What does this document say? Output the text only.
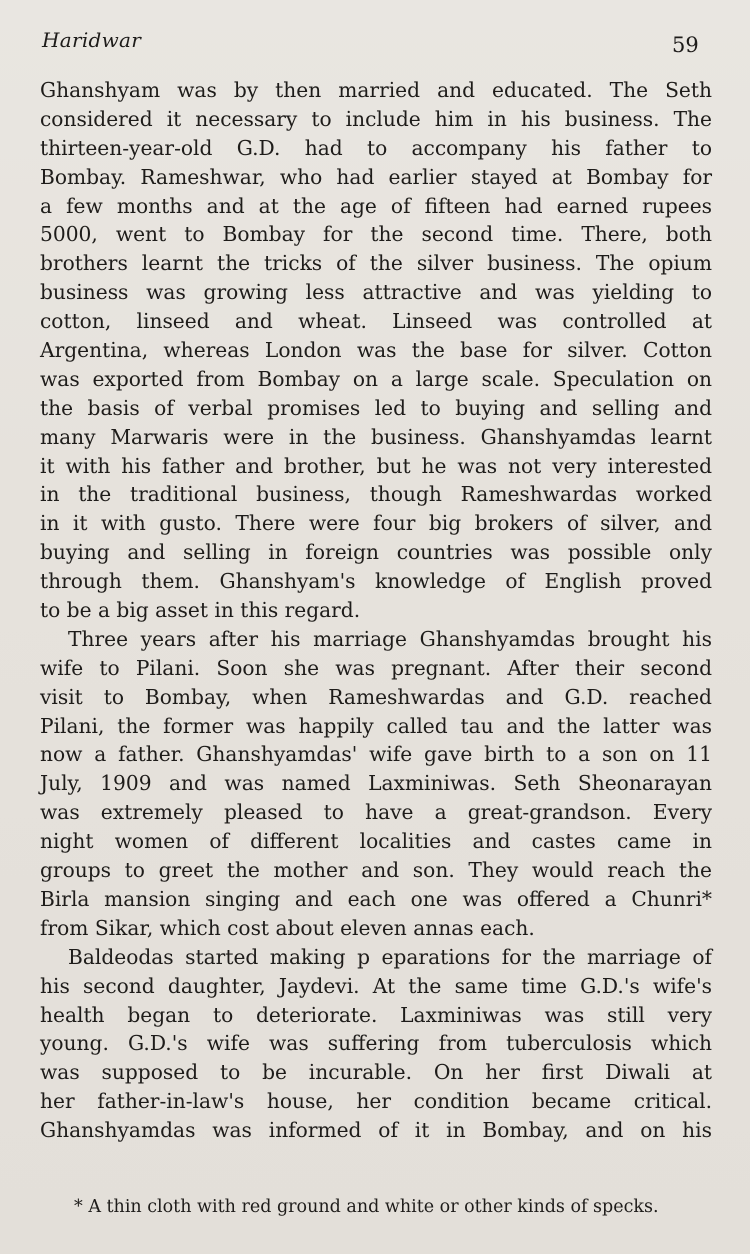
Haridwar	59
Ghanshyam was by then married and educated. The Seth
considered it necessary to include him in his business. The
thirteen-year-old G.D. had to accompany his father to
Bombay. Rameshwar, who had earlier stayed at Bombay for
a few months and at the age of fifteen had earned rupees
5000, went to Bombay for the second time. There, both
brothers learnt the tricks of the silver business. The opium
business was growing less attractive and was yielding to
cotton, linseed and wheat. Linseed was controlled at
Argentina, whereas London was the base for silver. Cotton
was exported from Bombay on a large scale. Speculation on
the basis of verbal promises led to buying and selling and
many Marwaris were in the business. Ghanshyamdas learnt
it with his father and brother, but he was not very interested
in the traditional business, though Rameshwardas worked
in it with gusto. There were four big brokers of silver, and
buying and selling in foreign countries was possible only
through them. Ghanshyam's knowledge of English proved
to be a big asset in this regard.
Three years after his marriage Ghanshyamdas brought his
wife to Pilani. Soon she was pregnant. After their second
visit to Bombay, when Rameshwardas and G.D. reached
Pilani, the former was happily called tau and the latter was
now a father. Ghanshyamdas' wife gave birth to a son on 11
July, 1909 and was named Laxminiwas. Seth Sheonarayan
was extremely pleased to have a great-grandson. Every
night women of different localities and castes came in
groups to greet the mother and son. They would reach the
Birla mansion singing and each one was offered a Chunri*
from Sikar, which cost about eleven annas each.
Baldeodas started making p eparations for the marriage of
his second daughter, Jaydevi. At the same time G.D.'s wife's
health began to deteriorate. Laxminiwas was still very
young. G.D.'s wife was suffering from tuberculosis which
was supposed to be incurable. On her first Diwali at
her father-in-law's house, her condition became critical.
Ghanshyamdas was informed of it in Bombay, and on his
* A thin cloth with red ground and white or other kinds of specks.
